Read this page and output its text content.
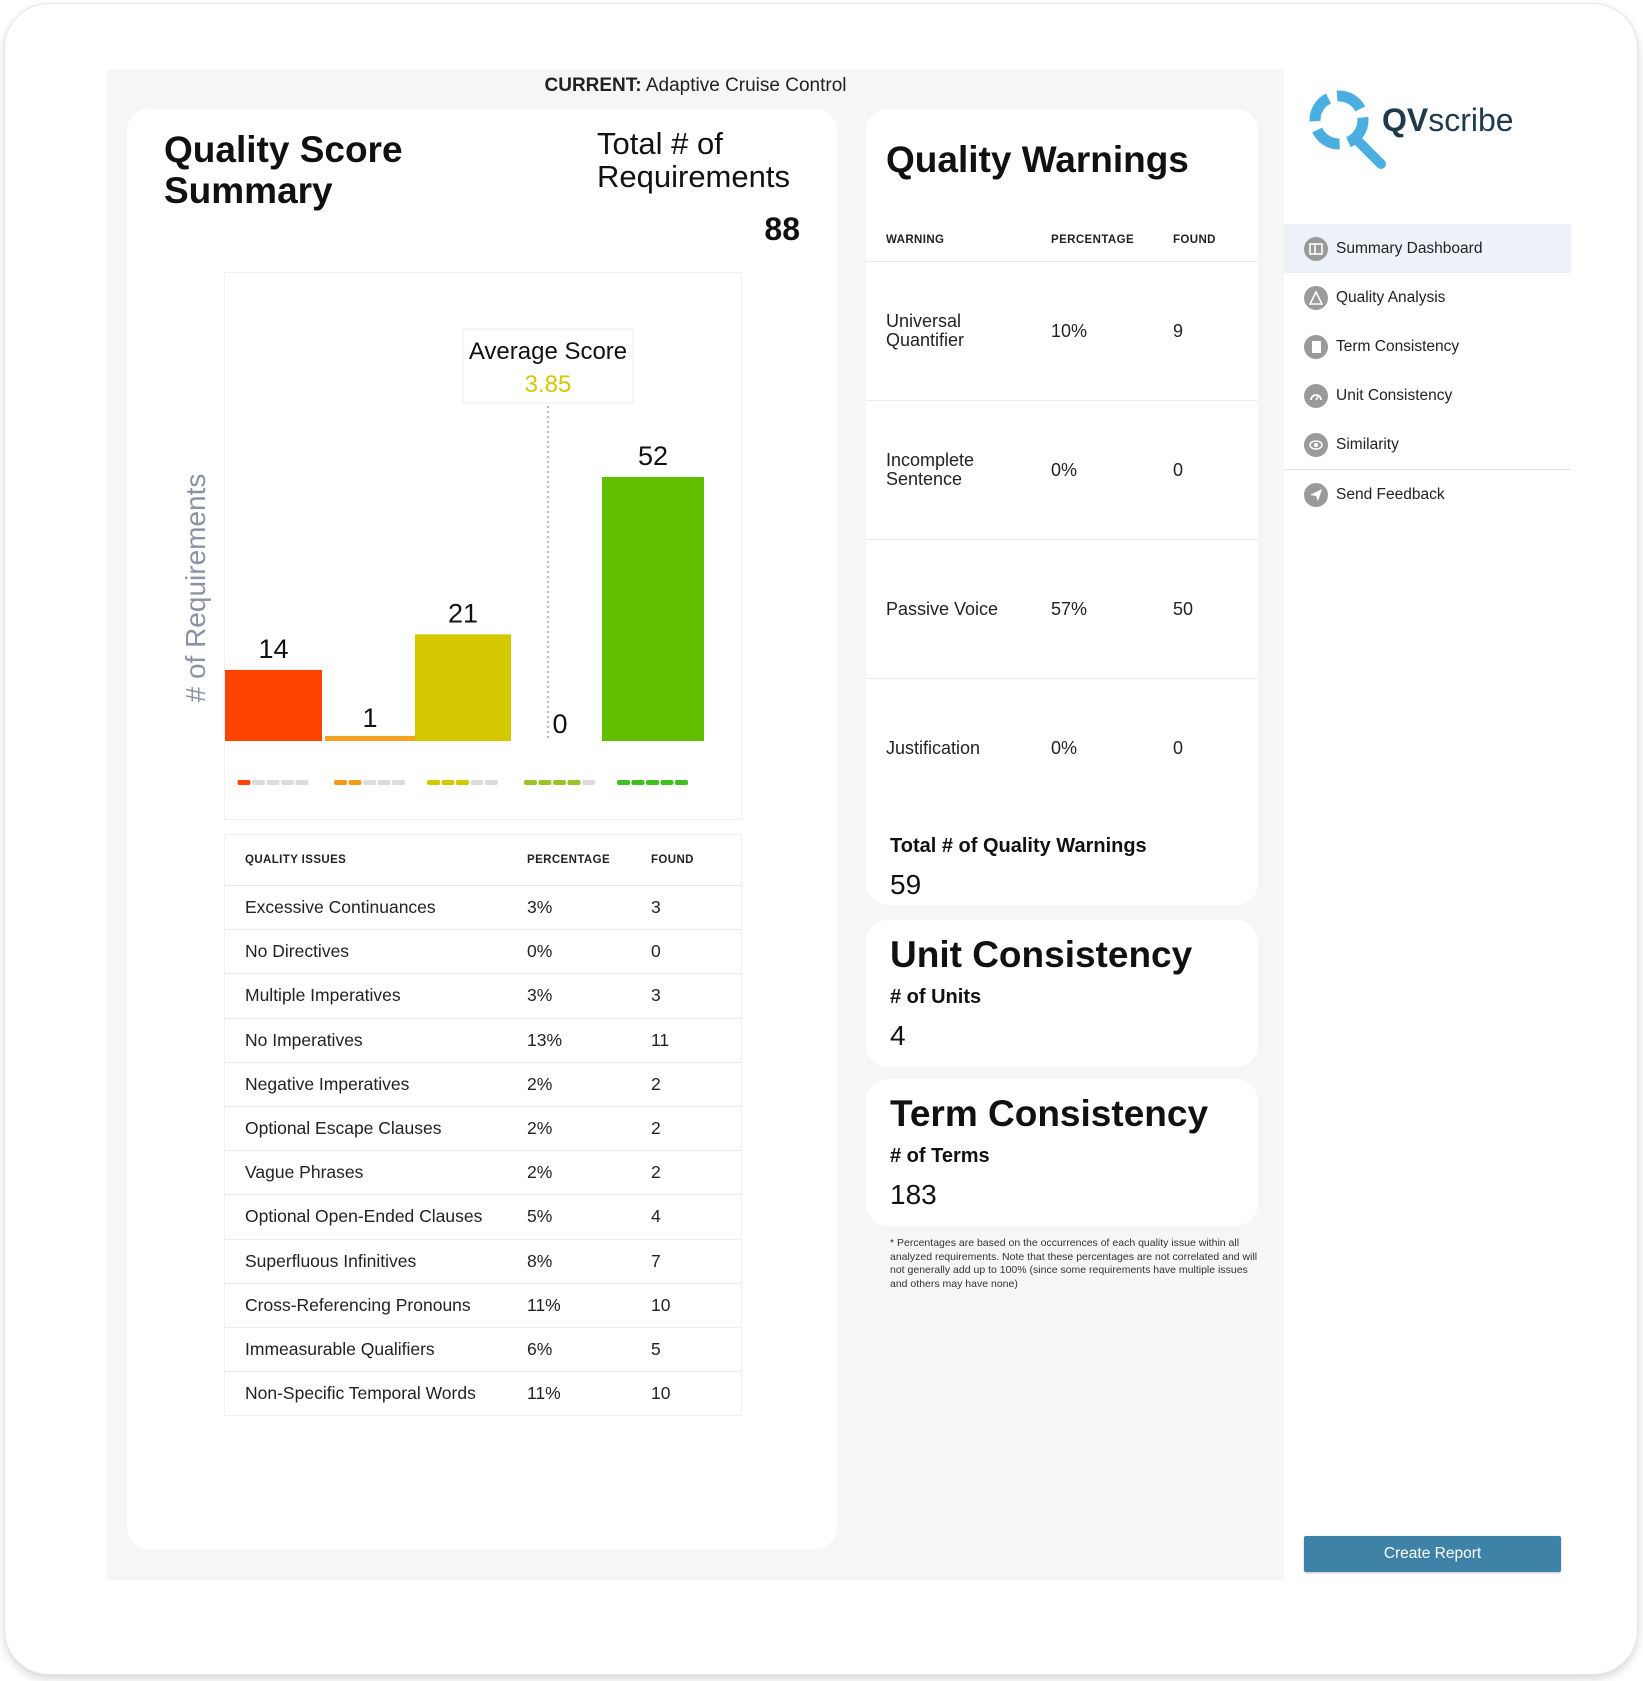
CURRENT: Adaptive Cruise Control
Quality Score Summary
Total # of Requirements
88
# of Requirements 14
1
21
0
52
Average Score
3.85
QUALITY ISSUES	PERCENTAGE	FOUND
Excessive Continuances	3%	3
No Directives	0%	0
Multiple Imperatives	3%	3
No Imperatives	13%	11
Negative Imperatives	2%	2
Optional Escape Clauses	2%	2
Vague Phrases	2%	2
Optional Open-Ended Clauses	5%	4
Superfluous Infinitives	8%	7
Cross-Referencing Pronouns	11%	10
Immeasurable Qualifiers	6%	5
Non-Specific Temporal Words	11%	10
Quality Warnings
WARNING	PERCENTAGE	FOUND
Universal Quantifier	10%	9
Incomplete Sentence	0%	0
Passive Voice	57%	50
Justification	0%	0
Total # of Quality Warnings
59
Unit Consistency
# of Units
4
Term Consistency
# of Terms
183
* Percentages are based on the occurrences of each quality issue within all analyzed requirements. Note that these percentages are not correlated and will not generally add up to 100% (since some requirements have multiple issues and others may have none)
QVscribe
Summary Dashboard
Quality Analysis
Term Consistency
Unit Consistency
Similarity
Send Feedback
Create Report
